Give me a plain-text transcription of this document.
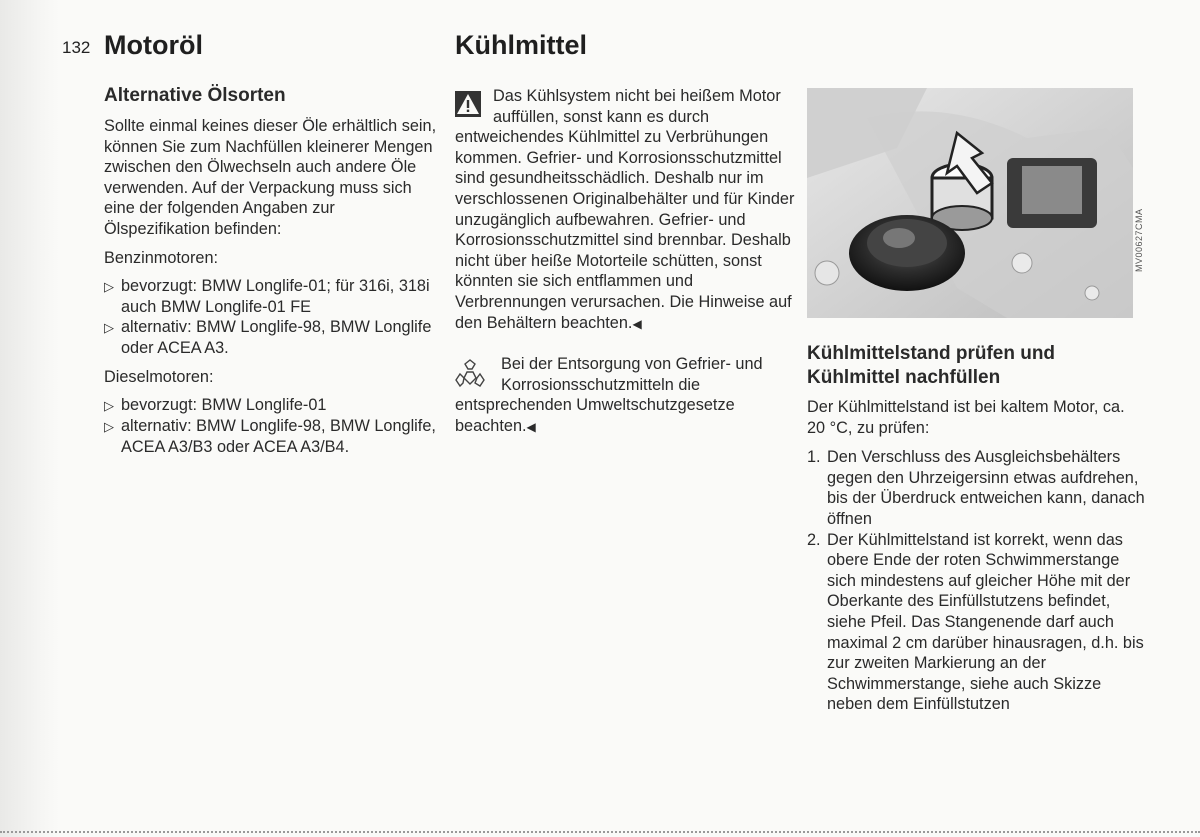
132 Motoröl	Kühlmittel
Alternative Ölsorten

Sollte einmal keines dieser Öle erhältlich sein, können Sie zum Nachfüllen kleinerer Mengen zwischen den Ölwechseln auch andere Öle verwenden. Auf der Verpackung muss sich eine der folgenden Angaben zur Ölspezifikation befinden:

Benzinmotoren:

▷ bevorzugt: BMW Longlife-01; für 316i, 318i auch BMW Longlife-01 FE
▷ alternativ: BMW Longlife-98, BMW Longlife oder ACEA A3.

Dieselmotoren:

▷ bevorzugt: BMW Longlife-01
▷ alternativ: BMW Longlife-98, BMW Longlife, ACEA A3/B3 oder ACEA A3/B4.

Das Kühlsystem nicht bei heißem Motor auffüllen, sonst kann es durch entweichendes Kühlmittel zu Verbrühungen kommen. Gefrier- und Korrosionsschutzmittel sind gesundheitsschädlich. Deshalb nur im verschlossenen Originalbehälter und für Kinder unzugänglich aufbewahren. Gefrier- und Korrosionsschutzmittel sind brennbar. Deshalb nicht über heiße Motorteile schütten, sonst könnten sie sich entflammen und Verbrennungen verursachen. Die Hinweise auf den Behältern beachten.◀

Bei der Entsorgung von Gefrier- und Korrosionsschutzmitteln die entsprechenden Umweltschutzgesetze beachten.◀

MV00627CMA
Kühlmittelstand prüfen und Kühlmittel nachfüllen

Der Kühlmittelstand ist bei kaltem Motor, ca. 20 °C, zu prüfen:

1. Den Verschluss des Ausgleichsbehälters gegen den Uhrzeigersinn etwas aufdrehen, bis der Überdruck entweichen kann, danach öffnen
2. Der Kühlmittelstand ist korrekt, wenn das obere Ende der roten Schwimmerstange sich mindestens auf gleicher Höhe mit der Oberkante des Einfüllstutzens befindet, siehe Pfeil. Das Stangenende darf auch maximal 2 cm darüber hinausragen, d.h. bis zur zweiten Markierung an der Schwimmerstange, siehe auch Skizze neben dem Einfüllstutzen
